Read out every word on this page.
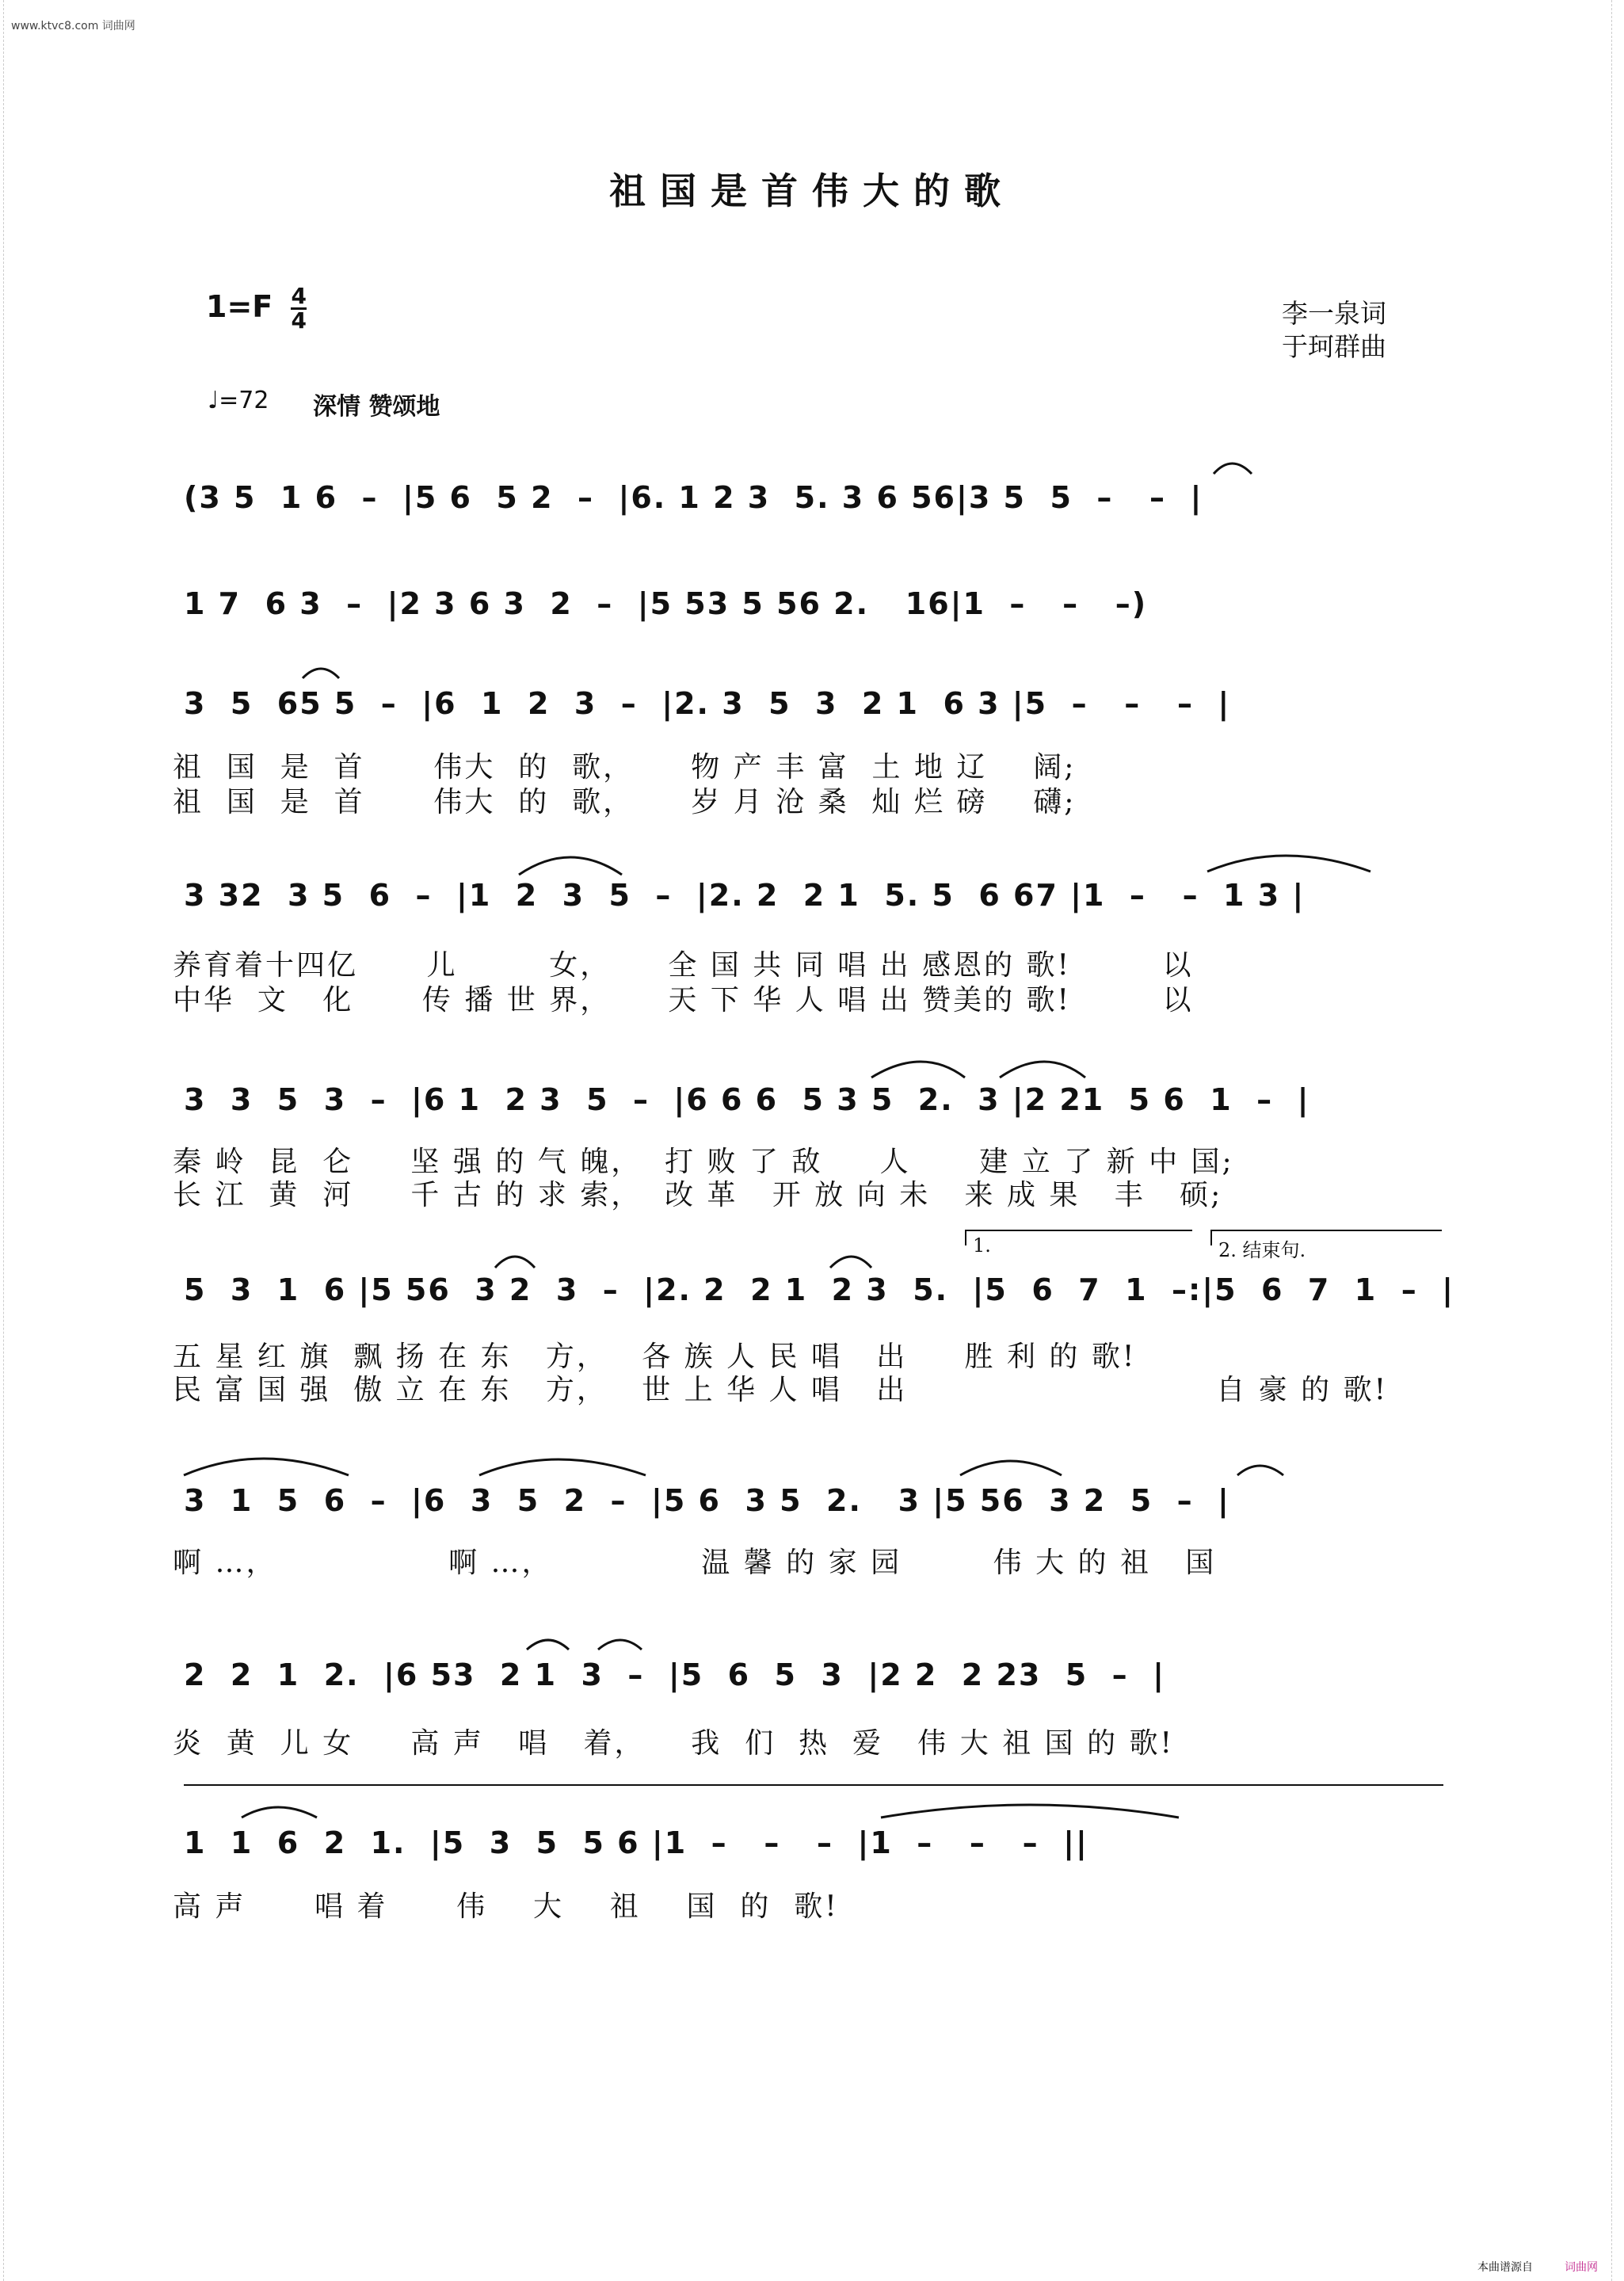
www.ktvc8.com 词曲网
祖国是首伟大的歌
$1=F \frac{4}{4}$	李一泉词
于珂群曲
♩=72 深情 赞颂地
(3 5  1 6  –  |5 6  5 2  –  |6. 1 2 3  5. 3 6 56|3 5  5  –   –  |
1 7  6 3  –  |2 3 6 3  2  –  |5 53 5 56 2.   16|1  –   –   –)
3  5  65 5  –  |6  1  2  3  –  |2. 3  5  3  2 1  6 3 |5  –   –   –  |
祖  国  是  首      伟大  的  歌，     物 产 丰 富  土 地 辽    阔;
祖  国  是  首      伟大  的  歌，     岁 月 沧 桑  灿 烂 磅    礴;
3 32  3 5  6  –  |1  2  3  5  –  |2. 2  2 1  5. 5  6 67 |1  –   –  1 3 |
养育着十四亿      儿        女，     全 国 共 同 唱 出 感恩的 歌!        以
中华  文   化      传 播 世 界，     天 下 华 人 唱 出 赞美的 歌!        以
3  3  5  3  –  |6 1  2 3  5  –  |6 6 6  5 3 5  2.  3 |2 21  5 6  1  –  |
秦 岭  昆  仑     坚 强 的 气 魄，  打 败 了 敌     人      建 立 了 新 中 国;
长 江  黄  河     千 古 的 求 索，  改 革   开 放 向 未   来 成 果   丰   硕;
1.	2. 结束句.
5  3  1  6 |5 56  3 2  3  –  |2. 2  2 1  2 3  5.  |5  6  7  1  –:|5  6  7  1  –  |
五 星 红 旗  飘 扬 在 东   方，   各 族 人 民 唱   出     胜 利 的 歌!
民 富 国 强  傲 立 在 东   方，   世 上 华 人 唱   出                           自 豪 的 歌!
3  1  5  6  –  |6  3  5  2  –  |5 6  3 5  2.   3 |5 56  3 2  5  –  |
啊 …，               啊 …，             温 馨 的 家 园        伟 大 的 祖   国
2  2  1  2.  |6 53  2 1  3  –  |5  6  5  3  |2 2  2 23  5  –  |
炎  黄  儿 女     高 声   唱   着，    我  们  热  爱   伟 大 祖 国 的 歌!
1  1  6  2  1.  |5  3  5  5 6 |1  –   –   –  |1  –   –   –  ||
高 声      唱 着      伟    大    祖    国  的  歌!
本曲谱源自	词曲网
